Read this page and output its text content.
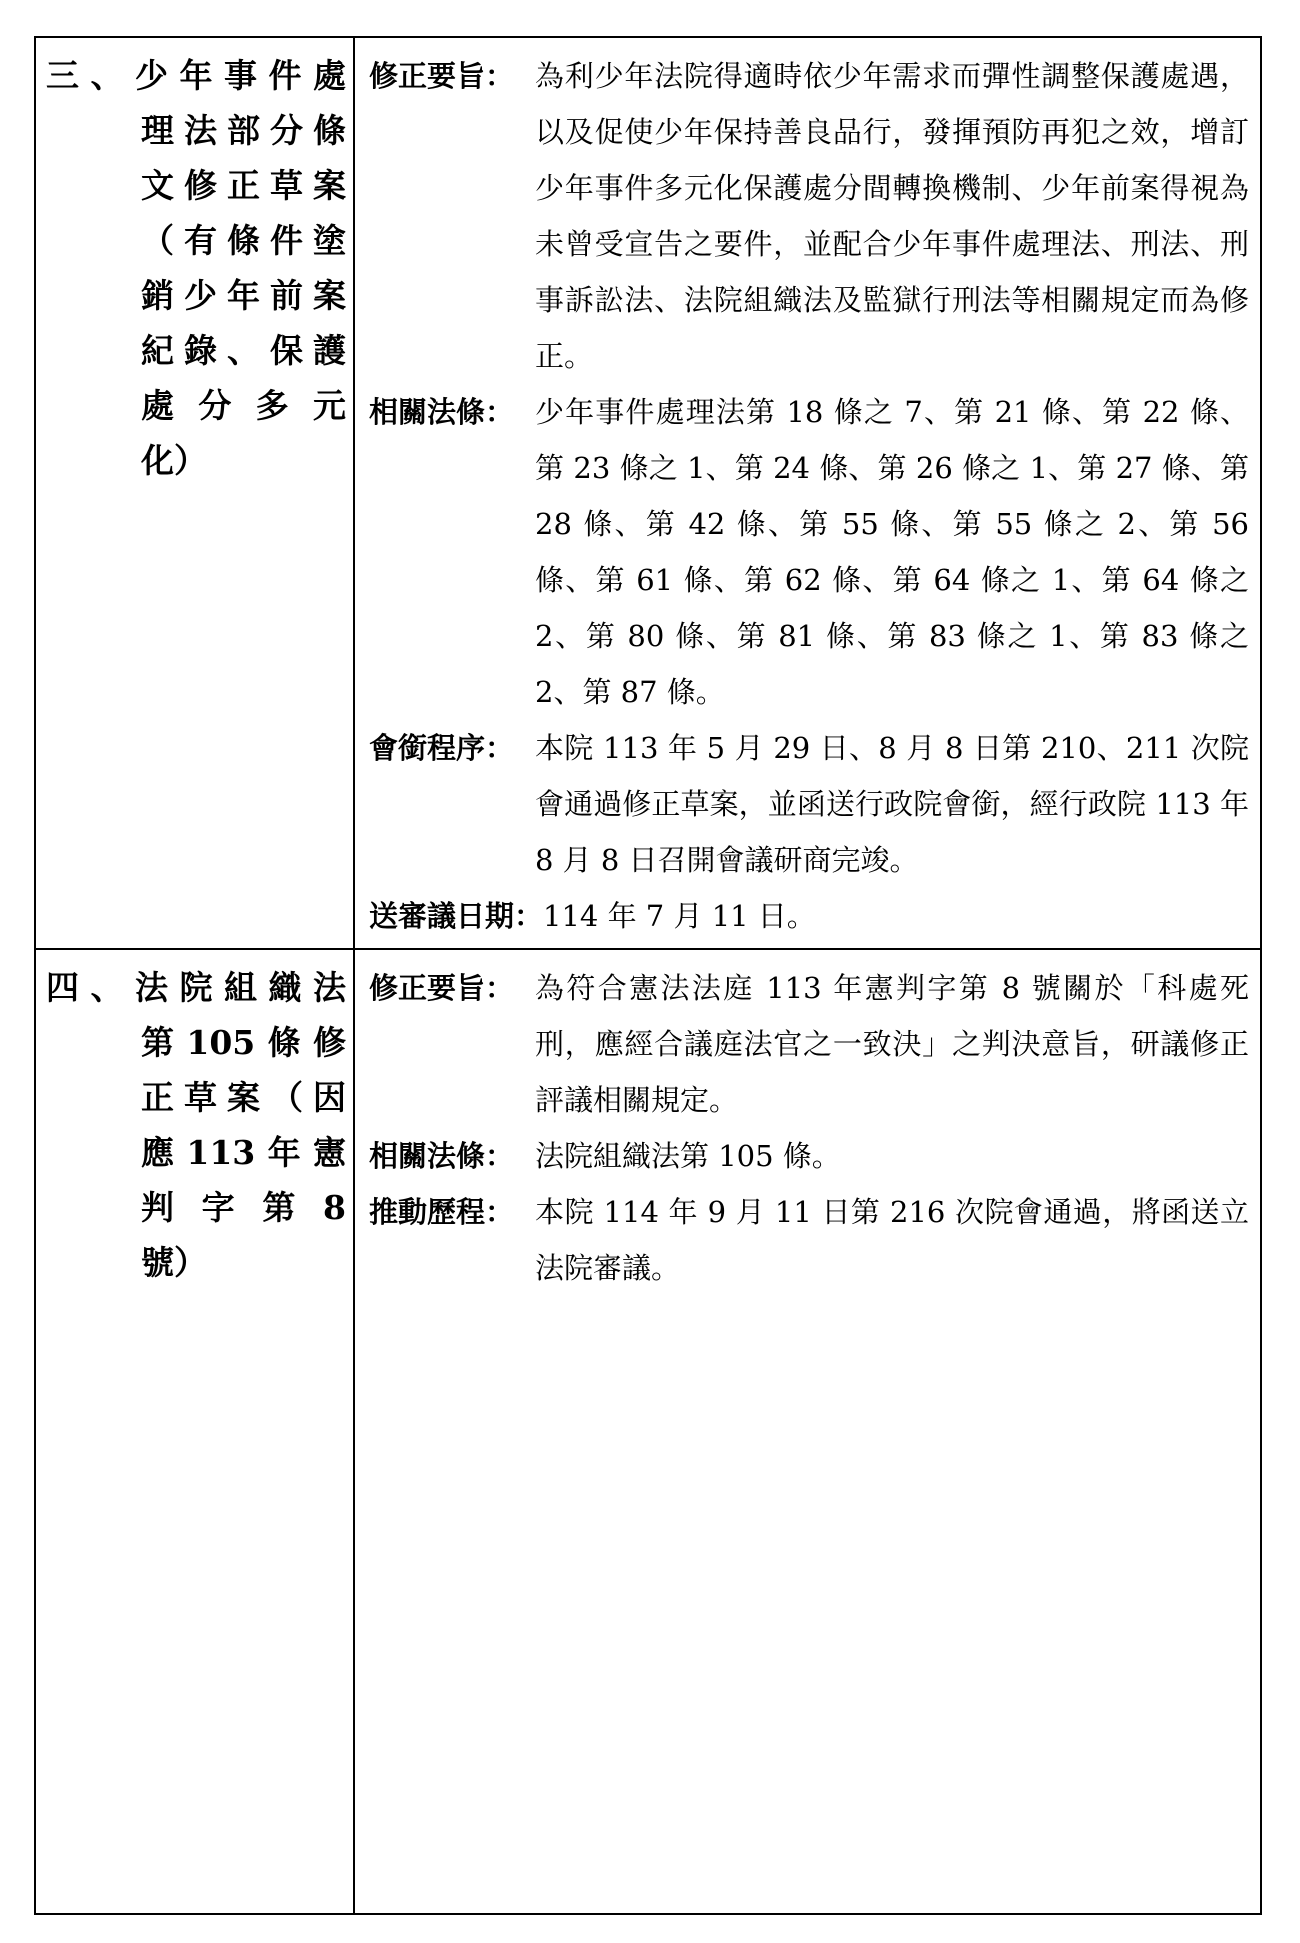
三 、 少 年 事 件 處
理 法 部 分 條
文 修 正 草 案
（ 有 條 件 塗
銷 少 年 前 案
紀 錄 、 保 護
處 分 多 元
化）
修正要旨： 為利少年法院得適時依少年需求而彈性調整保護處遇，以及促使少年保持善良品行，發揮預防再犯之效，增訂少年事件多元化保護處分間轉換機制、少年前案得視為未曾受宣告之要件，並配合少年事件處理法、刑法、刑事訴訟法、法院組織法及監獄行刑法等相關規定而為修正。
相關法條： 少年事件處理法第 18 條之 7、第 21 條、第 22 條、第 23 條之 1、第 24 條、第 26 條之 1、第 27 條、第 28 條、第 42 條、第 55 條、第 55 條之 2、第 56 條、第 61 條、第 62 條、第 64 條之 1、第 64 條之 2、第 80 條、第 81 條、第 83 條之 1、第 83 條之 2、第 87 條。
會銜程序： 本院 113 年 5 月 29 日、8 月 8 日第 210、211 次院會通過修正草案，並函送行政院會銜，經行政院 113 年 8 月 8 日召開會議研商完竣。
送審議日期： 114 年 7 月 11 日。
四 、 法 院 組 織 法
第 105 條 修
正 草 案 （ 因
應 113 年 憲
判 字 第 8
號）
修正要旨： 為符合憲法法庭 113 年憲判字第 8 號關於「科處死刑，應經合議庭法官之一致決」之判決意旨，研議修正評議相關規定。
相關法條： 法院組織法第 105 條。
推動歷程： 本院 114 年 9 月 11 日第 216 次院會通過，將函送立法院審議。
